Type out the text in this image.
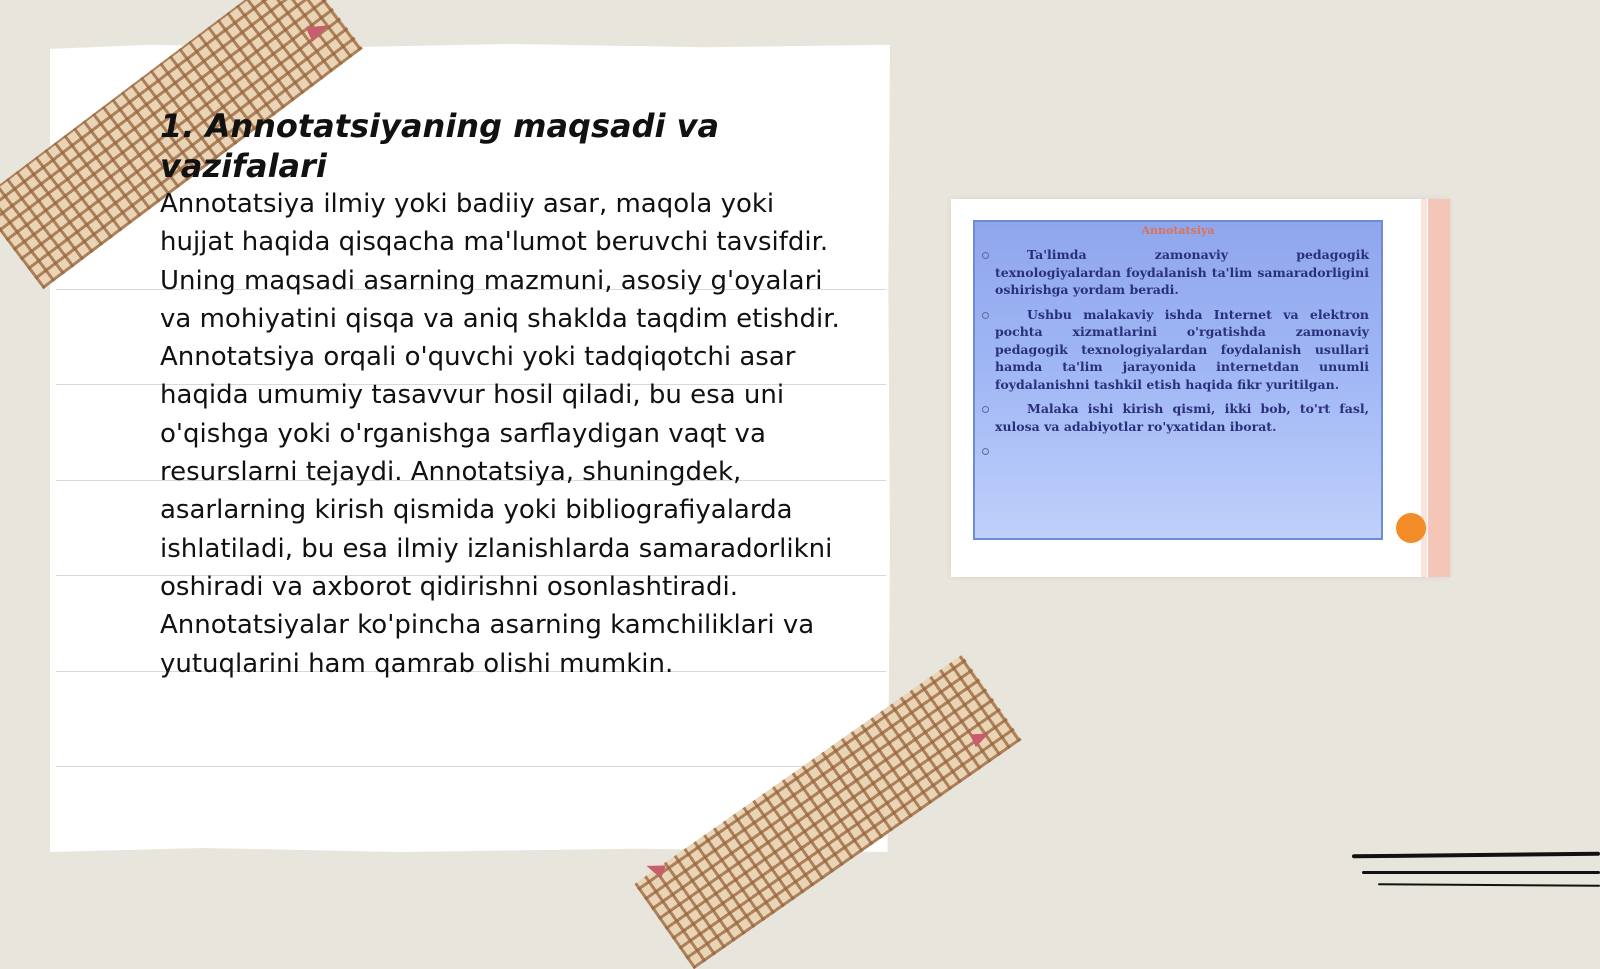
1. Annotatsiyaning maqsadi va vazifalari

Annotatsiya ilmiy yoki badiiy asar, maqola yoki hujjat haqida qisqacha ma'lumot beruvchi tavsifdir. Uning maqsadi asarning mazmuni, asosiy g'oyalari va mohiyatini qisqa va aniq shaklda taqdim etishdir. Annotatsiya orqali o'quvchi yoki tadqiqotchi asar haqida umumiy tasavvur hosil qiladi, bu esa uni o'qishga yoki o'rganishga sarflaydigan vaqt va resurslarni tejaydi. Annotatsiya, shuningdek, asarlarning kirish qismida yoki bibliografiyalarda ishlatiladi, bu esa ilmiy izlanishlarda samaradorlikni oshiradi va axborot qidirishni osonlashtiradi. Annotatsiyalar ko'pincha asarning kamchiliklari va yutuqlarini ham qamrab olishi mumkin.

Annotatsiya
Ta'limda zamonaviy pedagogik texnologiyalardan foydalanish ta'lim samaradorligini oshirishga yordam beradi.
Ushbu malakaviy ishda Internet va elektron pochta xizmatlarini o'rgatishda zamonaviy pedagogik texnologiyalardan foydalanish usullari hamda ta'lim jarayonida internetdan unumli foydalanishni tashkil etish haqida fikr yuritilgan.
Malaka ishi kirish qismi, ikki bob, to'rt fasl, xulosa va adabiyotlar ro'yxatidan iborat.
